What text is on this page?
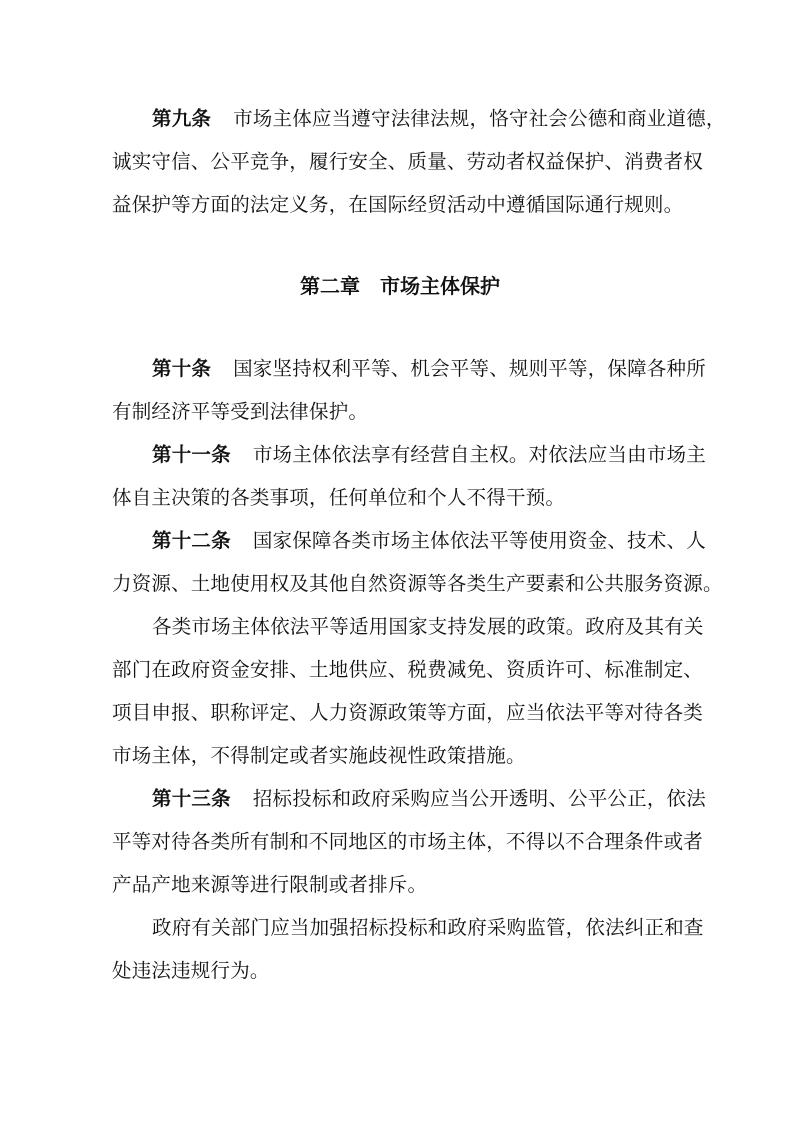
第九条 市场主体应当遵守法律法规，恪守社会公德和商业道德，
诚实守信、公平竞争，履行安全、质量、劳动者权益保护、消费者权
益保护等方面的法定义务，在国际经贸活动中遵循国际通行规则。
第二章　市场主体保护
第十条 国家坚持权利平等、机会平等、规则平等，保障各种所
有制经济平等受到法律保护。
第十一条 市场主体依法享有经营自主权。对依法应当由市场主
体自主决策的各类事项，任何单位和个人不得干预。
第十二条 国家保障各类市场主体依法平等使用资金、技术、人
力资源、土地使用权及其他自然资源等各类生产要素和公共服务资源。
各类市场主体依法平等适用国家支持发展的政策。政府及其有关
部门在政府资金安排、土地供应、税费减免、资质许可、标准制定、
项目申报、职称评定、人力资源政策等方面，应当依法平等对待各类
市场主体，不得制定或者实施歧视性政策措施。
第十三条 招标投标和政府采购应当公开透明、公平公正，依法
平等对待各类所有制和不同地区的市场主体，不得以不合理条件或者
产品产地来源等进行限制或者排斥。
政府有关部门应当加强招标投标和政府采购监管，依法纠正和查
处违法违规行为。
